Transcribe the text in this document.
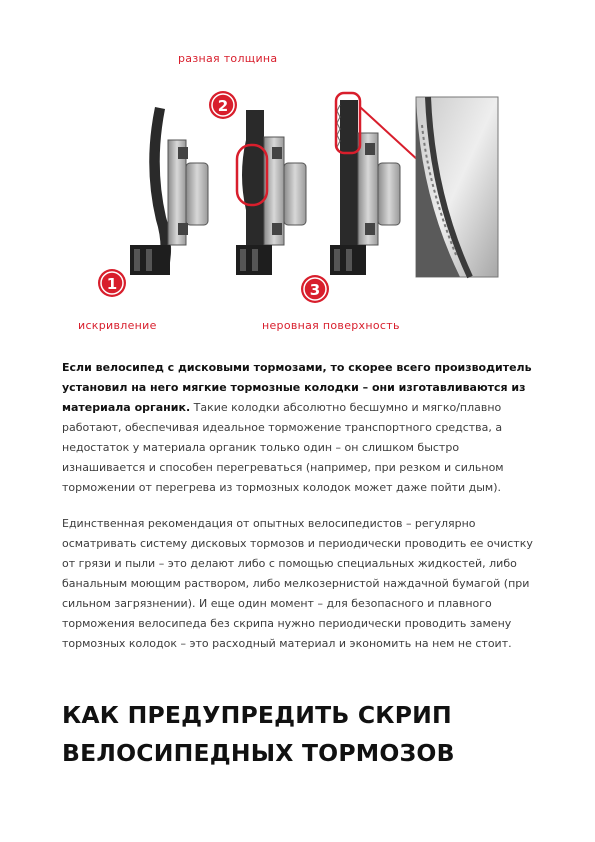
1
2
3
разная толщина
искривление	неровная поверхность

Если велосипед с дисковыми тормозами, то скорее всего производитель установил на него мягкие тормозные колодки – они изготавливаются из материала органик. Такие колодки абсолютно бесшумно и мягко/плавно работают, обеспечивая идеальное торможение транспортного средства, а недостаток у материала органик только один – он слишком быстро изнашивается и способен перегреваться (например, при резком и сильном торможении от перегрева из тормозных колодок может даже пойти дым).

Единственная рекомендация от опытных велосипедистов – регулярно осматривать систему дисковых тормозов и периодически проводить ее очистку от грязи и пыли – это делают либо с помощью специальных жидкостей, либо банальным моющим раствором, либо мелкозернистой наждачной бумагой (при сильном загрязнении). И еще один момент – для безопасного и плавного торможения велосипеда без скрипа нужно периодически проводить замену тормозных колодок – это расходный материал и экономить на нем не стоит.

КАК ПРЕДУПРЕДИТЬ СКРИП ВЕЛОСИПЕДНЫХ ТОРМОЗОВ
